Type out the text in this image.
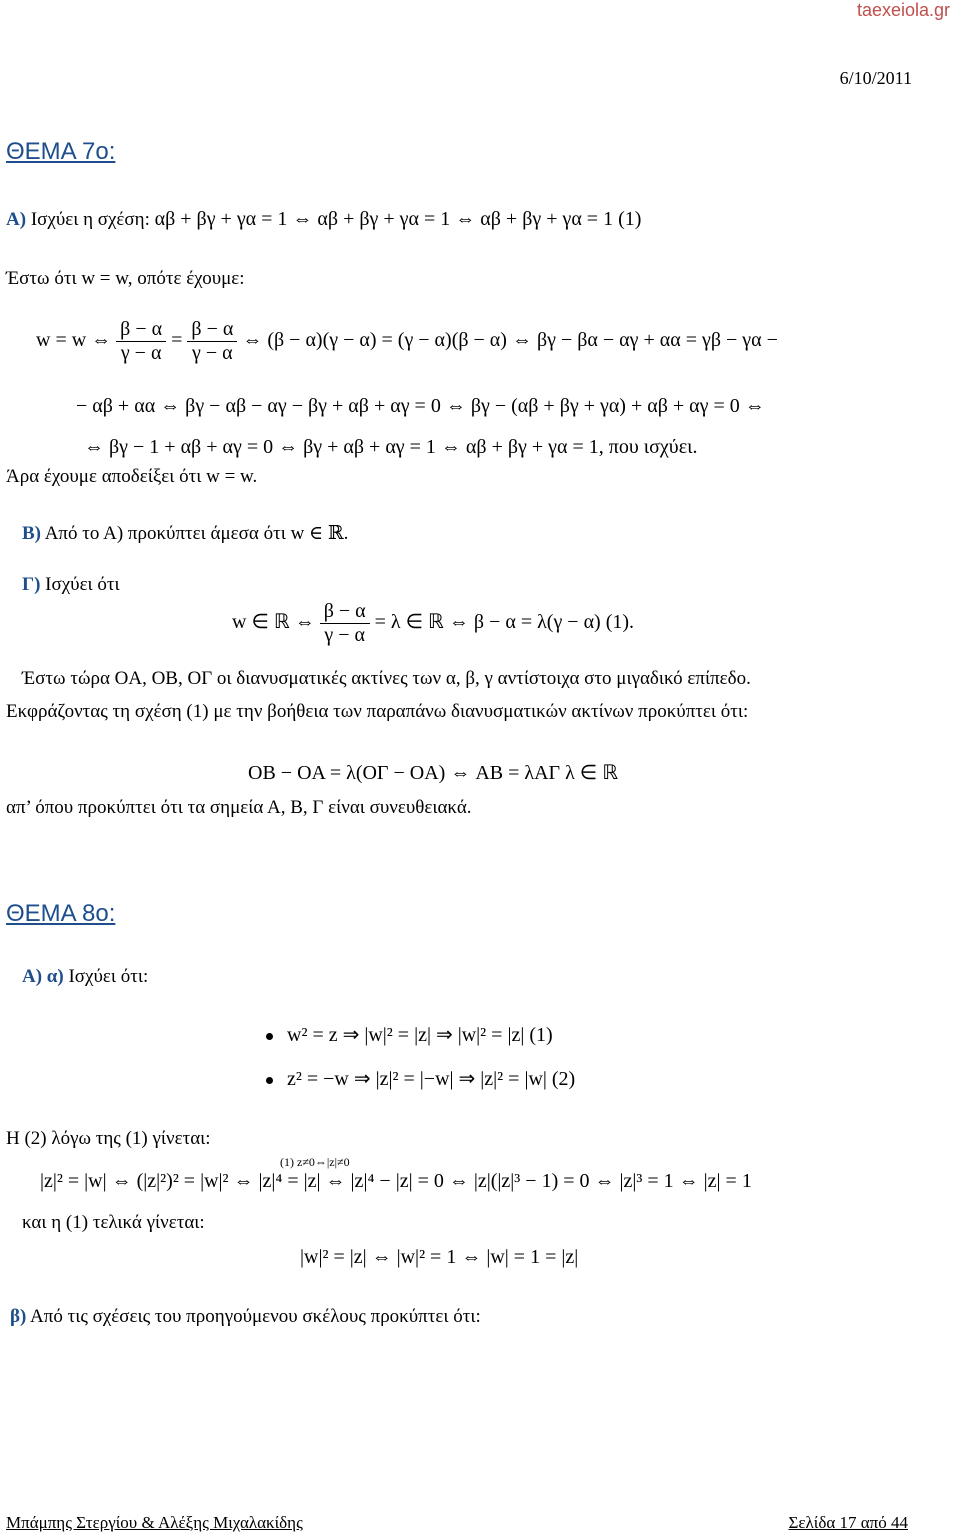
taexeiola.gr
6/10/2011
ΘΕΜΑ 7ο:
Α) Ισχύει η σχέση: αβ + βγ + γα = 1 ⇔ αβ + βγ + γα = 1 ⇔ αβ + βγ + γα = 1 (1)
Έστω ότι w = w, οπότε έχουμε:
w = w ⇔ $\frac{\beta - \alpha}{\gamma - \alpha} = \frac{\beta - \alpha}{\gamma - \alpha}$ ⇔ (β − α)(γ − α) = (γ − α)(β − α) ⇔ βγ − βα − αγ + αα = γβ − γα −
− αβ + αα ⇔ βγ − αβ − αγ − βγ + αβ + αγ = 0 ⇔ βγ − (αβ + βγ + γα) + αβ + αγ = 0 ⇔
⇔ βγ − 1 + αβ + αγ = 0 ⇔ βγ + αβ + αγ = 1 ⇔ αβ + βγ + γα = 1, που ισχύει.
Άρα έχουμε αποδείξει ότι w = w.
Β) Από το Α) προκύπτει άμεσα ότι w ∈ ℝ.
Γ) Ισχύει ότι
w ∈ ℝ ⇔ $\frac{\beta - \alpha}{\gamma - \alpha} = \lambda$ ∈ ℝ ⇔ β − α = λ(γ − α) (1).
Έστω τώρα OA, OB, OΓ οι διανυσματικές ακτίνες των α, β, γ αντίστοιχα στο μιγαδικό επίπεδο.
Εκφράζοντας τη σχέση (1) με την βοήθεια των παραπάνω διανυσματικών ακτίνων προκύπτει ότι:
OB − OA = λ(OΓ − OA) ⇔ AB = λAΓ λ ∈ ℝ
απ’ όπου προκύπτει ότι τα σημεία Α, Β, Γ είναι συνευθειακά.
ΘΕΜΑ 8ο:
Α) α) Ισχύει ότι:
w² = z ⇒ |w|² = |z| ⇒ |w|² = |z| (1)
z² = −w ⇒ |z|² = |−w| ⇒ |z|² = |w| (2)
Η (2) λόγω της (1) γίνεται:
(1) z≠0⇔|z|≠0
|z|² = |w| ⇔ (|z|²)² = |w|² ⇔ |z|⁴ = |z| ⇔ |z|⁴ − |z| = 0 ⇔ |z|(|z|³ − 1) = 0 ⇔ |z|³ = 1 ⇔ |z| = 1
και η (1) τελικά γίνεται:
|w|² = |z| ⇔ |w|² = 1 ⇔ |w| = 1 = |z|
β) Από τις σχέσεις του προηγούμενου σκέλους προκύπτει ότι:
Μπάμπης Στεργίου & Αλέξης Μιχαλακίδης	Σελίδα 17 από 44
